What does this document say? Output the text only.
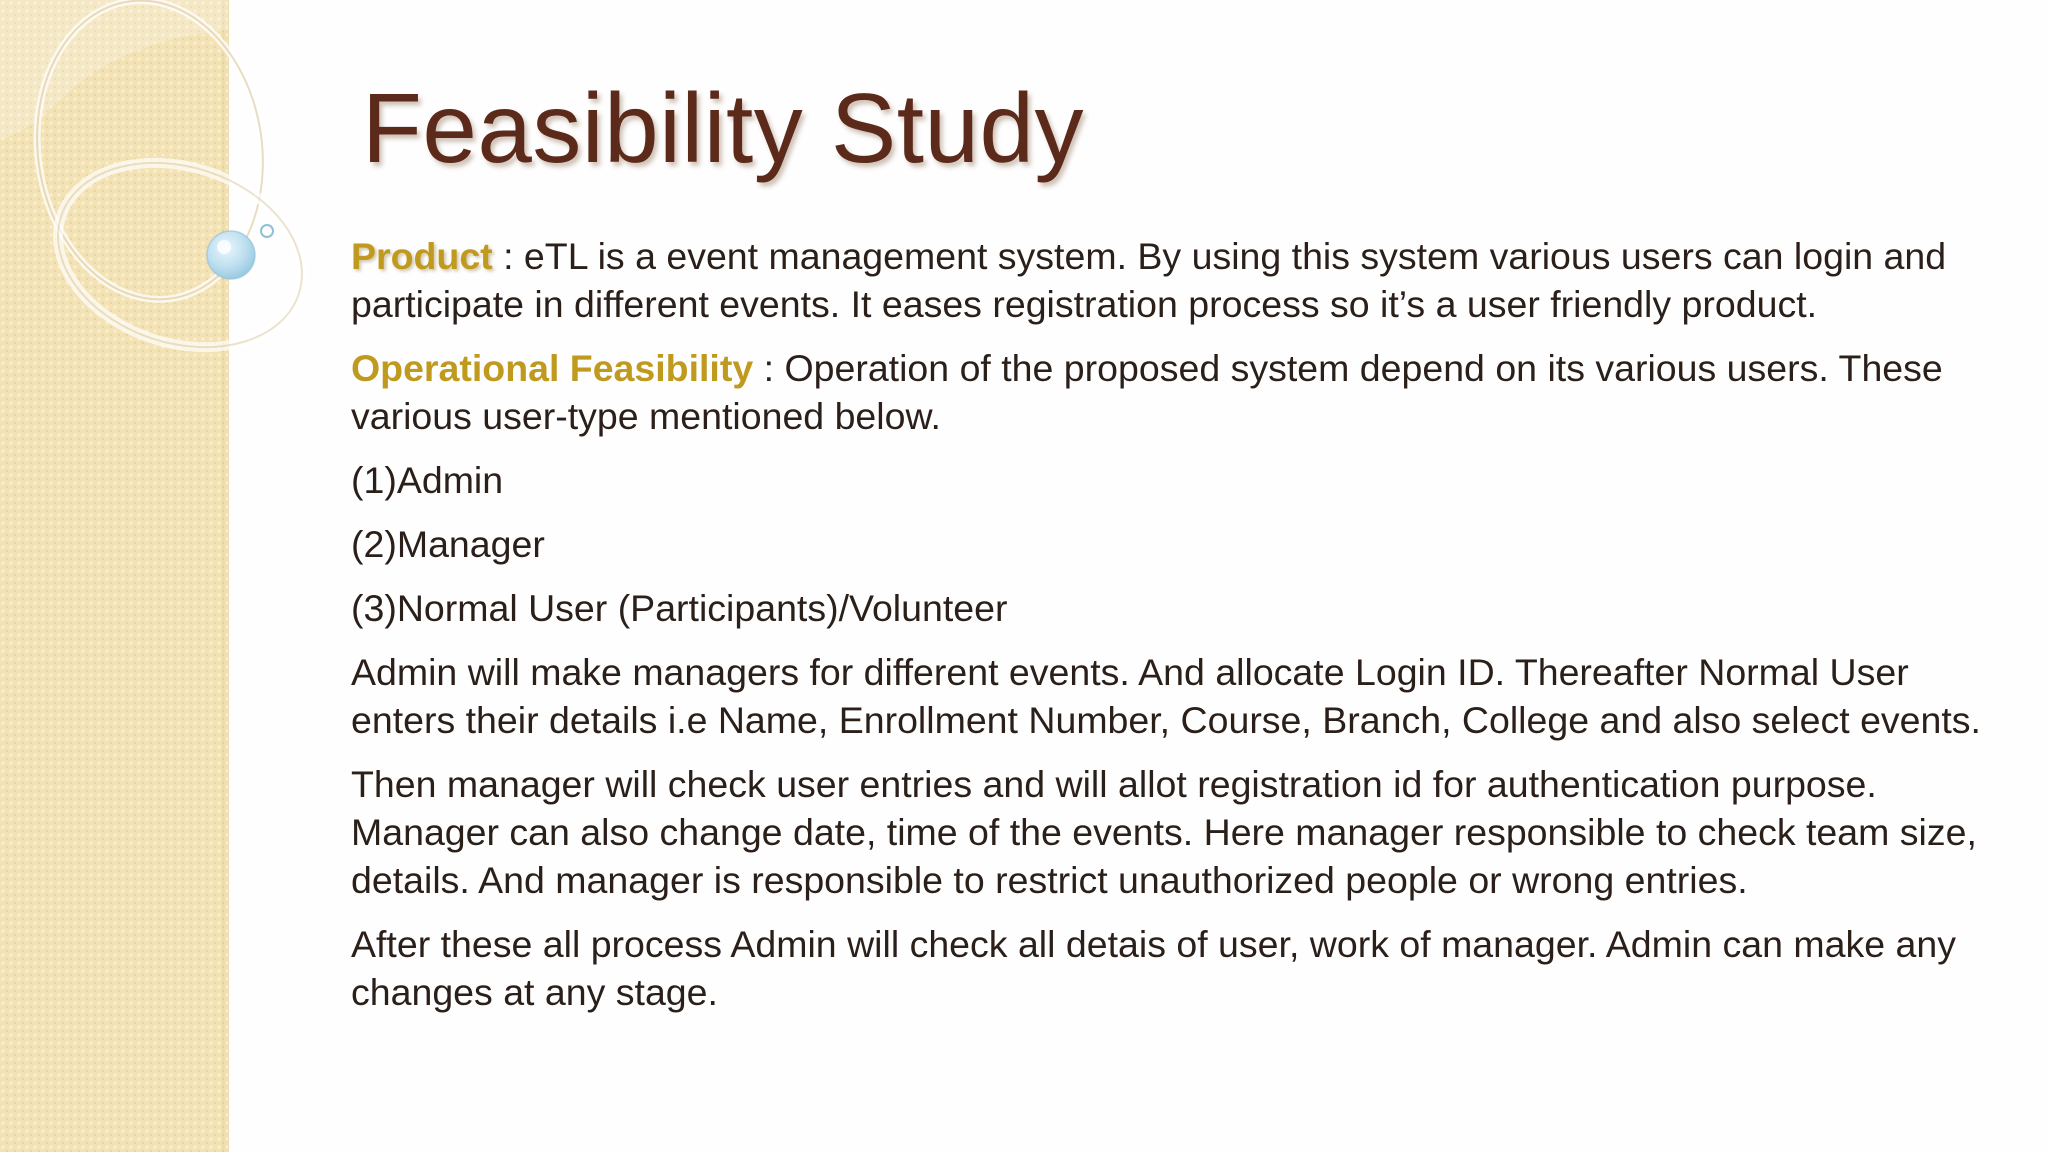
Feasibility Study

Product : eTL is a event management system. By using this system various users can login and participate in different events. It eases registration process so it’s a user friendly product.

Operational Feasibility : Operation of the proposed system depend on its various users. These various user-type mentioned below.

(1)Admin

(2)Manager

(3)Normal User (Participants)/Volunteer

Admin will make managers for different events. And allocate Login ID. Thereafter Normal User enters their details i.e Name, Enrollment Number, Course, Branch, College and also select events.

Then manager will check user entries and will allot registration id for authentication purpose. Manager can also change date, time of the events. Here manager responsible to check team size, details. And manager is responsible to restrict unauthorized people or wrong entries.

After these all process Admin will check all detais of user, work of manager. Admin can make any changes at any stage.
